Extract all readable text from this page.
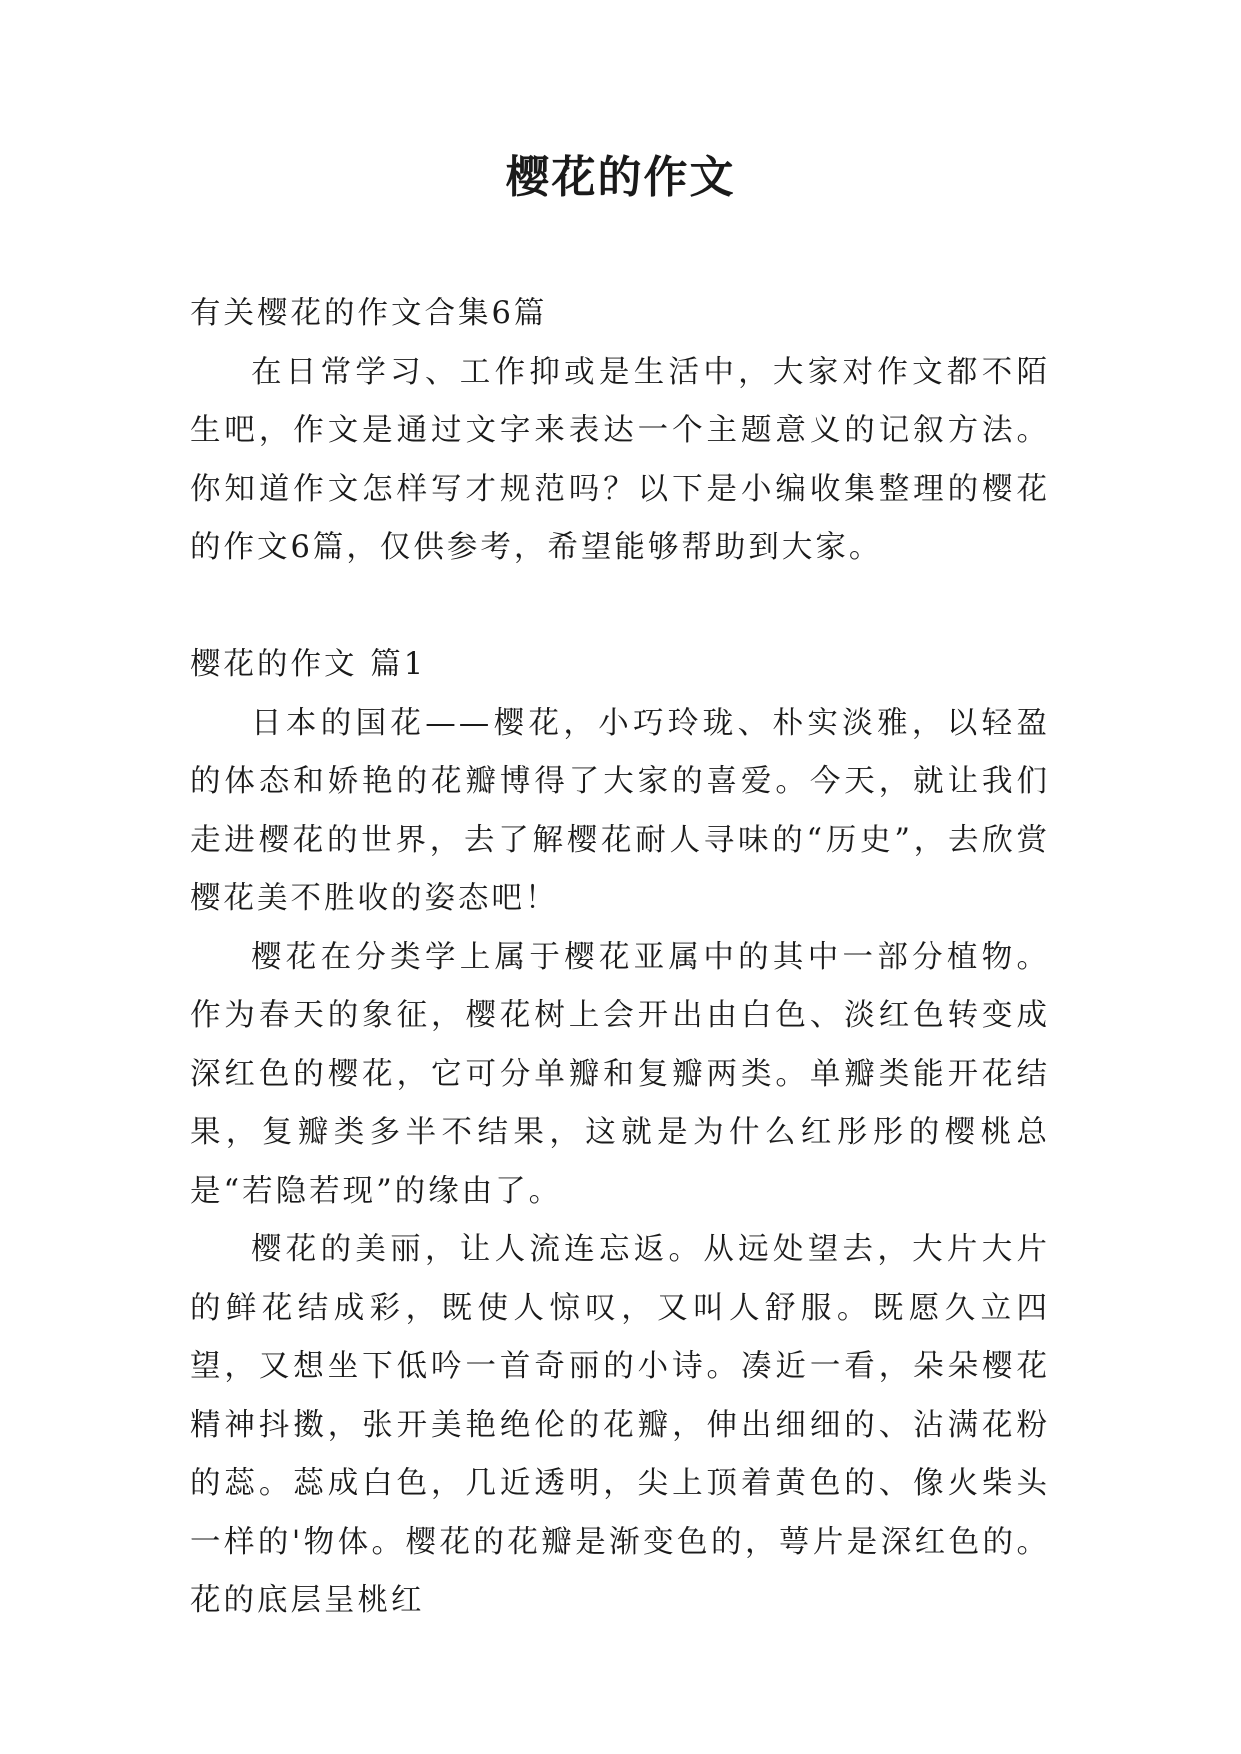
樱花的作文

有关樱花的作文合集6篇

在日常学习、工作抑或是生活中，大家对作文都不陌生吧，作文是通过文字来表达一个主题意义的记叙方法。你知道作文怎样写才规范吗？以下是小编收集整理的樱花的作文6篇，仅供参考，希望能够帮助到大家。

樱花的作文 篇1

日本的国花——樱花，小巧玲珑、朴实淡雅，以轻盈的体态和娇艳的花瓣博得了大家的喜爱。今天，就让我们走进樱花的世界，去了解樱花耐人寻味的“历史”，去欣赏樱花美不胜收的姿态吧！

樱花在分类学上属于樱花亚属中的其中一部分植物。作为春天的象征，樱花树上会开出由白色、淡红色转变成深红色的樱花，它可分单瓣和复瓣两类。单瓣类能开花结果，复瓣类多半不结果，这就是为什么红彤彤的樱桃总是“若隐若现”的缘由了。

樱花的美丽，让人流连忘返。从远处望去，大片大片的鲜花结成彩，既使人惊叹，又叫人舒服。既愿久立四望，又想坐下低吟一首奇丽的小诗。凑近一看，朵朵樱花精神抖擞，张开美艳绝伦的花瓣，伸出细细的、沾满花粉的蕊。蕊成白色，几近透明，尖上顶着黄色的、像火柴头一样的'物体。樱花的花瓣是渐变色的，萼片是深红色的。花的底层呈桃红
